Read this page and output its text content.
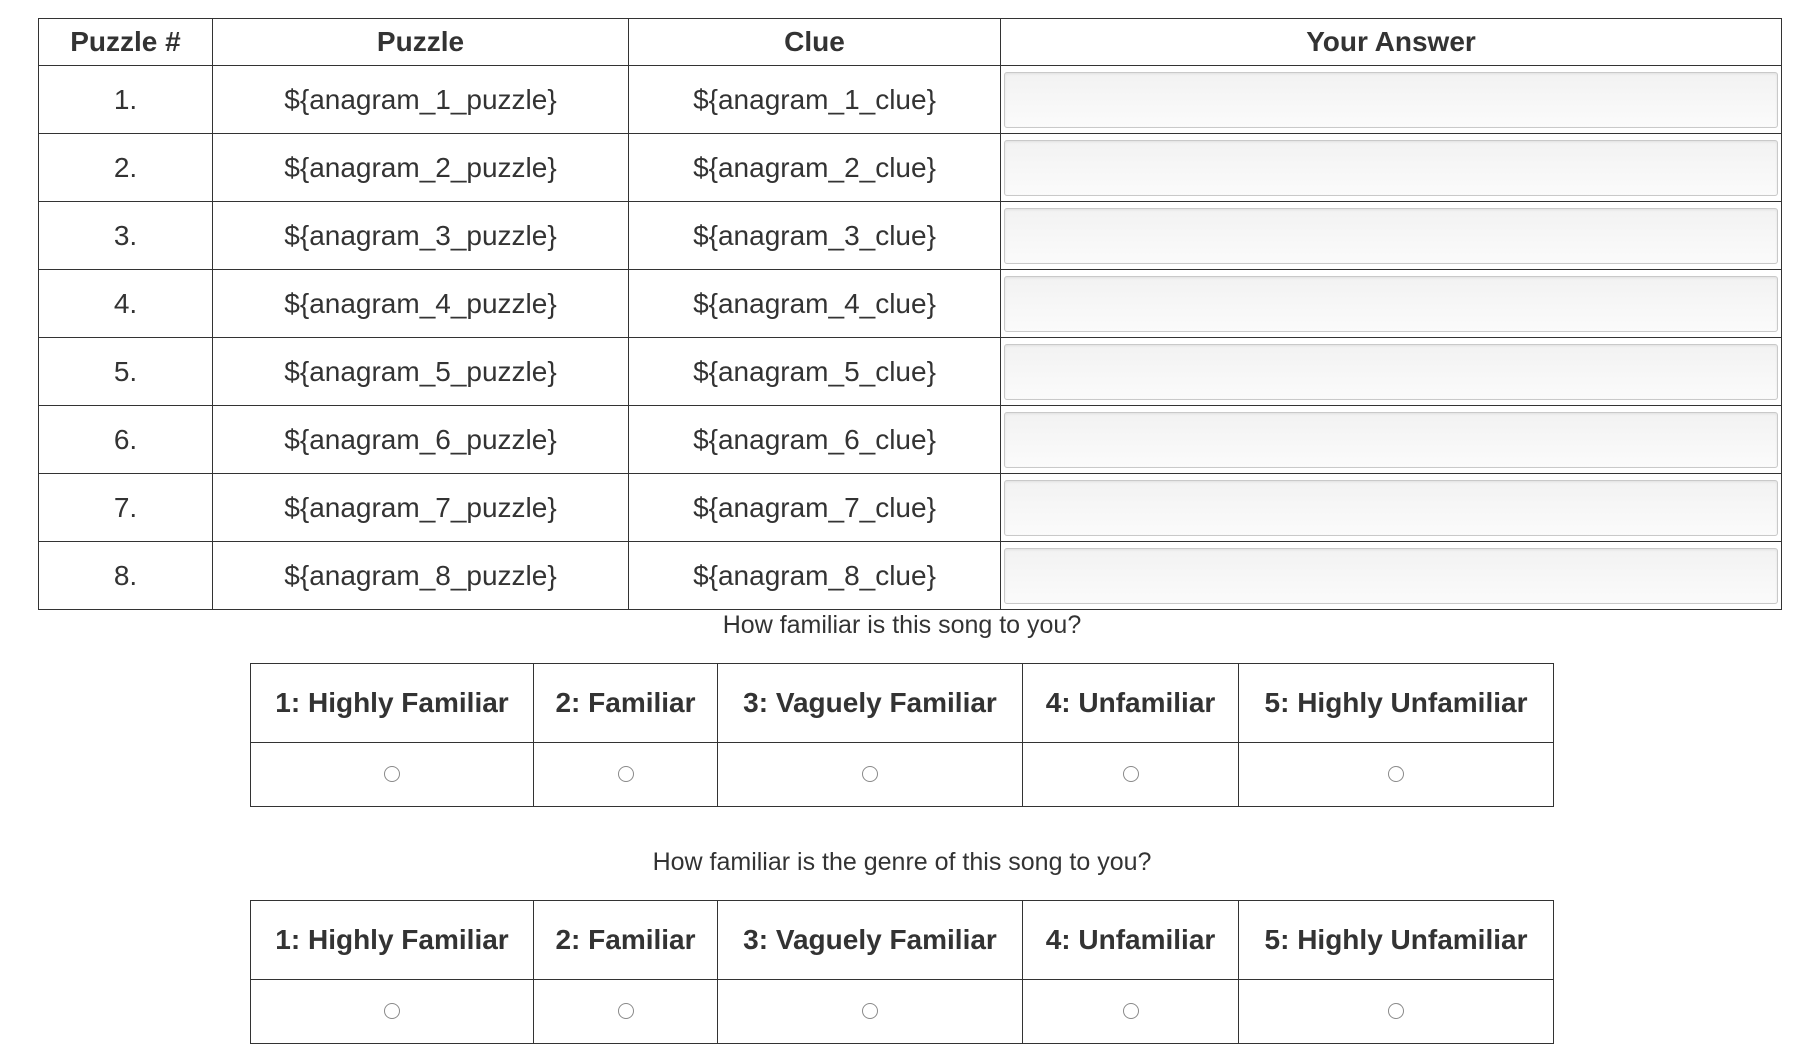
Puzzle #	Puzzle	Clue	Your Answer
1.	${anagram_1_puzzle}	${anagram_1_clue}	

2.	${anagram_2_puzzle}	${anagram_2_clue}	

3.	${anagram_3_puzzle}	${anagram_3_clue}	

4.	${anagram_4_puzzle}	${anagram_4_clue}	

5.	${anagram_5_puzzle}	${anagram_5_clue}	

6.	${anagram_6_puzzle}	${anagram_6_clue}	

7.	${anagram_7_puzzle}	${anagram_7_clue}	

8.	${anagram_8_puzzle}	${anagram_8_clue}	
How familiar is this song to you?
1: Highly Familiar	2: Familiar	3: Vaguely Familiar	4: Unfamiliar	5: Highly Unfamiliar

How familiar is the genre of this song to you?
1: Highly Familiar	2: Familiar	3: Vaguely Familiar	4: Unfamiliar	5: Highly Unfamiliar
